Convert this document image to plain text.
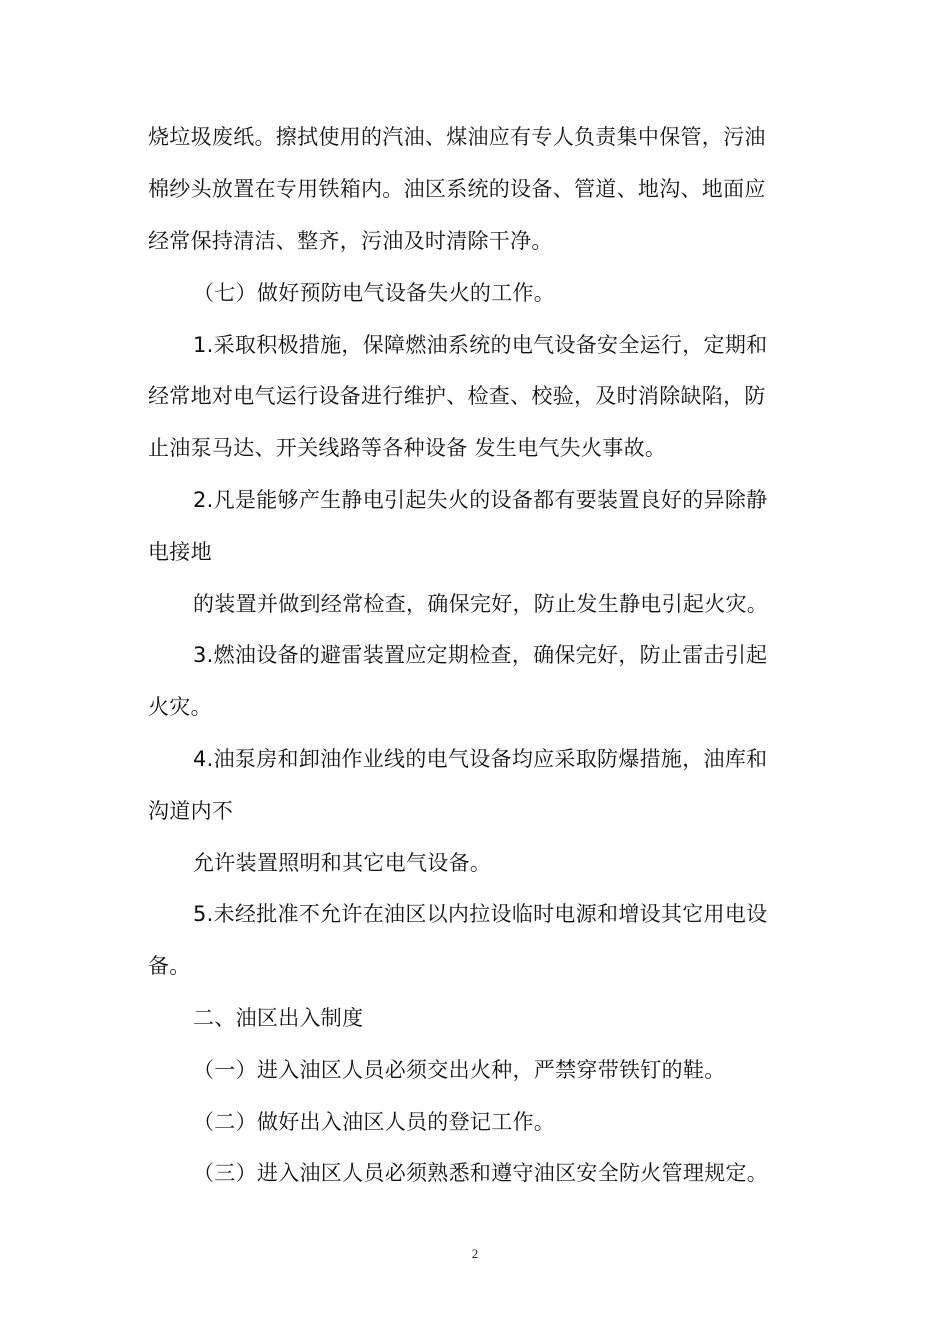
烧垃圾废纸。擦拭使用的汽油、煤油应有专人负责集中保管，污油
棉纱头放置在专用铁箱内。油区系统的设备、管道、地沟、地面应
经常保持清洁、整齐，污油及时清除干净。
（七）做好预防电气设备失火的工作。
1.采取积极措施，保障燃油系统的电气设备安全运行，定期和
经常地对电气运行设备进行维护、检查、校验，及时消除缺陷，防
止油泵马达、开关线路等各种设备 发生电气失火事故。
2.凡是能够产生静电引起失火的设备都有要装置良好的异除静
电接地
的装置并做到经常检查，确保完好，防止发生静电引起火灾。
3.燃油设备的避雷装置应定期检查，确保完好，防止雷击引起
火灾。
4.油泵房和卸油作业线的电气设备均应采取防爆措施，油库和
沟道内不
允许装置照明和其它电气设备。
5.未经批准不允许在油区以内拉设临时电源和增设其它用电设
备。
二、油区出入制度
（一）进入油区人员必须交出火种，严禁穿带铁钉的鞋。
（二）做好出入油区人员的登记工作。
（三）进入油区人员必须熟悉和遵守油区安全防火管理规定。
2
